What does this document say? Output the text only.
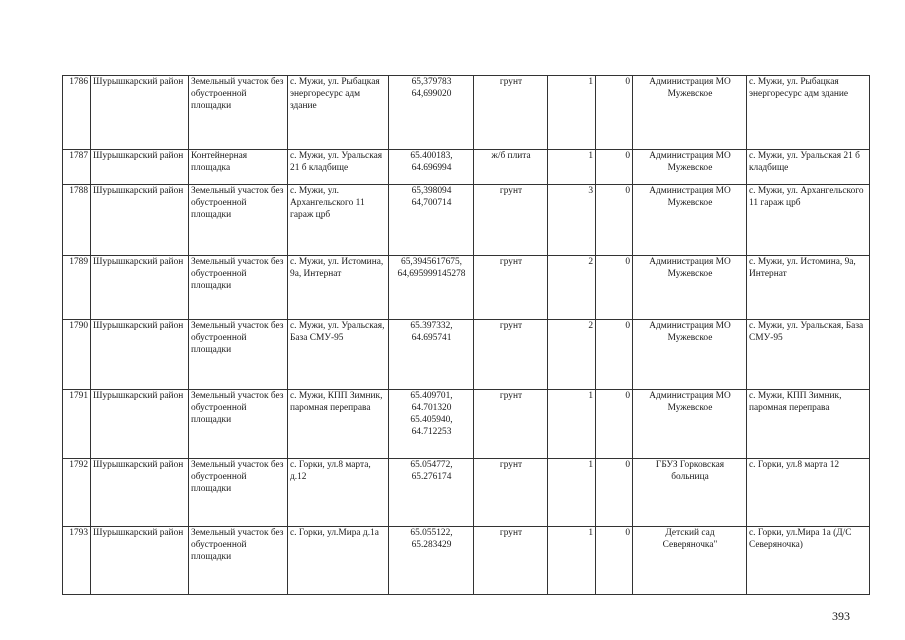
1786	Шурышкарский район	Земельный участок без обустроенной площадки	с. Мужи, ул. Рыбацкая энергоресурс адм здание	65,379783
64,699020	грунт	1	0	Администрация МО
Мужевское	с. Мужи, ул. Рыбацкая энергоресурс адм здание

1787	Шурышкарский район	Контейнерная площадка	с. Мужи, ул. Уральская 21 б кладбище	65.400183,
64.696994	ж/б плита	1	0	Администрация МО
Мужевское	с. Мужи, ул. Уральская 21 б кладбище

1788	Шурышкарский район	Земельный участок без обустроенной площадки	с. Мужи, ул. Архангельского 11 гараж црб	65,398094
64,700714	грунт	3	0	Администрация МО
Мужевское	с. Мужи, ул. Архангельского 11 гараж црб

1789	Шурышкарский район	Земельный участок без обустроенной площадки	с. Мужи, ул. Истомина, 9а, Интернат	65,3945617675,
64,695999145278	грунт	2	0	Администрация МО
Мужевское	с. Мужи, ул. Истомина, 9а, Интернат

1790	Шурышкарский район	Земельный участок без обустроенной площадки	с. Мужи, ул. Уральская, База СМУ-95	65.397332,
64.695741	грунт	2	0	Администрация МО
Мужевское	с. Мужи, ул. Уральская, База СМУ-95

1791	Шурышкарский район	Земельный участок без обустроенной площадки	с. Мужи, КПП Зимник, паромная переправа	65.409701,
64.701320
65.405940,
64.712253	грунт	1	0	Администрация МО
Мужевское	с. Мужи, КПП Зимник, паромная переправа

1792	Шурышкарский район	Земельный участок без обустроенной площадки	с. Горки, ул.8 марта, д.12	65.054772,
65.276174	грунт	1	0	ГБУЗ Горковская
больница	с. Горки, ул.8 марта 12

1793	Шурышкарский район	Земельный участок без обустроенной площадки	с. Горки, ул.Мира д.1а	65.055122,
65.283429	грунт	1	0	Детский сад
Северяночка"	с. Горки, ул.Мира 1а (Д/С Северяночка)
393
